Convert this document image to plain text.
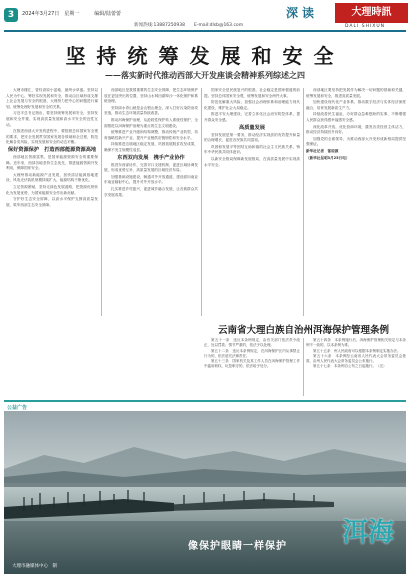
3	2024年3月27日　星期一　　　编辑/陆蕾蕾
新闻热线:13887250938　　E-mail:dlsb@163.com
深读	大理時訊
DALI SHIXUN
坚持统筹发展和安全
——落实新时代推动西部大开发座谈会精神系列综述之四

大理市楼汇，曾经高原小盆地、最终水草盛。坚持以人民为中心，筹好实现发展和安全，推动由区域形成支撑上社会发展与安全的根基，大理努力把中心的问题进行谋划，统筹处理好发展和安全的关系。

习近平总书记指出，要坚持统筹发展和安全，坚持发展和安全并重，实现高质量发展和高水平安全的良性互动。

在推进西部大开发的进程中，要按照总体国家安全观的要求，把安全发展贯穿国家发展各领域和全过程，防范化解各类风险，实现发展和安全的动态平衡。

保好资源保护　打造西部能源资源高地

西部地区资源富集，是国家能源资源安全的重要保障。近年来，西部各地坚持生态优先，推进能源资源开发利用，保障国家安全。

大理州推动新能源产业发展，加快清洁能源基地建设，风电光伏装机规模持续扩大，能源结构不断优化。

立足资源禀赋，坚持走绿色发展道路，把资源优势转化为发展优势，为国家能源安全作出新贡献。

守护好生态安全屏障，以高水平保护支撑高质量发展，筑牢西部生态安全屏障。

西部地区是我国重要的生态安全屏障，把生态环境保护放在更加突出的位置，坚持山水林田湖草沙一体化保护和系统治理。

坚持绿水青山就是金山银山理念，深入打好污染防治攻坚战，推动生态环境质量持续改善。

推动洱海保护治理，从抢救性保护转入系统性保护，全面推进以洱海保护治理为重点的生态文明建设。

统筹推进产业升级和结构调整，推动传统产业转型，培育战略性新兴产业，提升产业链供应链韧性和安全水平。

持续推进边境地区稳定发展，巩固拓展脱贫攻坚成果，确保不发生规模性返贫。

东西双向发展　携手产业协作

推进东西部协作，完善对口支援机制，促进区域协调发展，形成优势互补、高质量发展的区域经济布局。

加强基础设施建设，畅通对外开放通道，建设面向南亚东南亚辐射中心，提升对外开放水平。

扎实推进乡村振兴，促进城乡融合发展，让各族群众共享发展成果。

国家安全是民族复兴的根基，社会稳定是国家强盛的前提。坚持总体国家安全观，统筹发展和安全两件大事。

防范化解重大风险，加强社会治理体系和治理能力现代化建设，维护社会大局稳定。

推进平安大理建设，完善立体化社会治安防控体系，提升群众安全感。

高质量发展

坚持发展是第一要务，推动经济实现质的有效提升和量的合理增长，促进各民族共同富裕。

巩固和发展平等团结互助和谐的社会主义民族关系，铸牢中华民族共同体意识。

以新安全格局保障新发展格局，在高质量发展中实现高水平安全。

西部地区要坚持把发展作为解决一切问题的基础和关键，统筹发展和安全，推进高质量发展。

加快建设现代化产业体系，推动数字经济与实体经济深度融合，培育发展新质生产力。

持续改善民生福祉，办好群众急难愁盼的实事，不断增强人民群众获得感幸福感安全感。

深化改革开放，优化营商环境，激发各类经营主体活力，推动经济持续回升向好。

加强党的全面领导，为推动西部大开发形成新格局提供坚强保证。

新华社记者　郁琼源

（新华社昆明3月25日电）

云南省大理白族自治州洱海保护管理条例

第五十一条　违反本条例规定，由有关部门依法责令改正，处以罚款；情节严重的，依法予以处理。

第五十二条　违反本条例规定，在洱海保护区内从事禁止行为的，依法追究法律责任。

第五十三条　国家机关及其工作人员在洱海保护管理工作中滥用职权、玩忽职守的，依法给予处分。

第五十四条　本条例施行后，洱海保护管理相关规定与本条例不一致的，以本条例为准。

第五十五条　州人民政府可以根据本条例制定实施办法。

第五十六条　本条例经云南省人民代表大会常务委员会批准，由州人民代表大会常务委员会公布施行。

第五十七条　本条例自公布之日起施行。（完）

公益广告
像保护眼睛一样保护 洱海
大理市融媒体中心　制
